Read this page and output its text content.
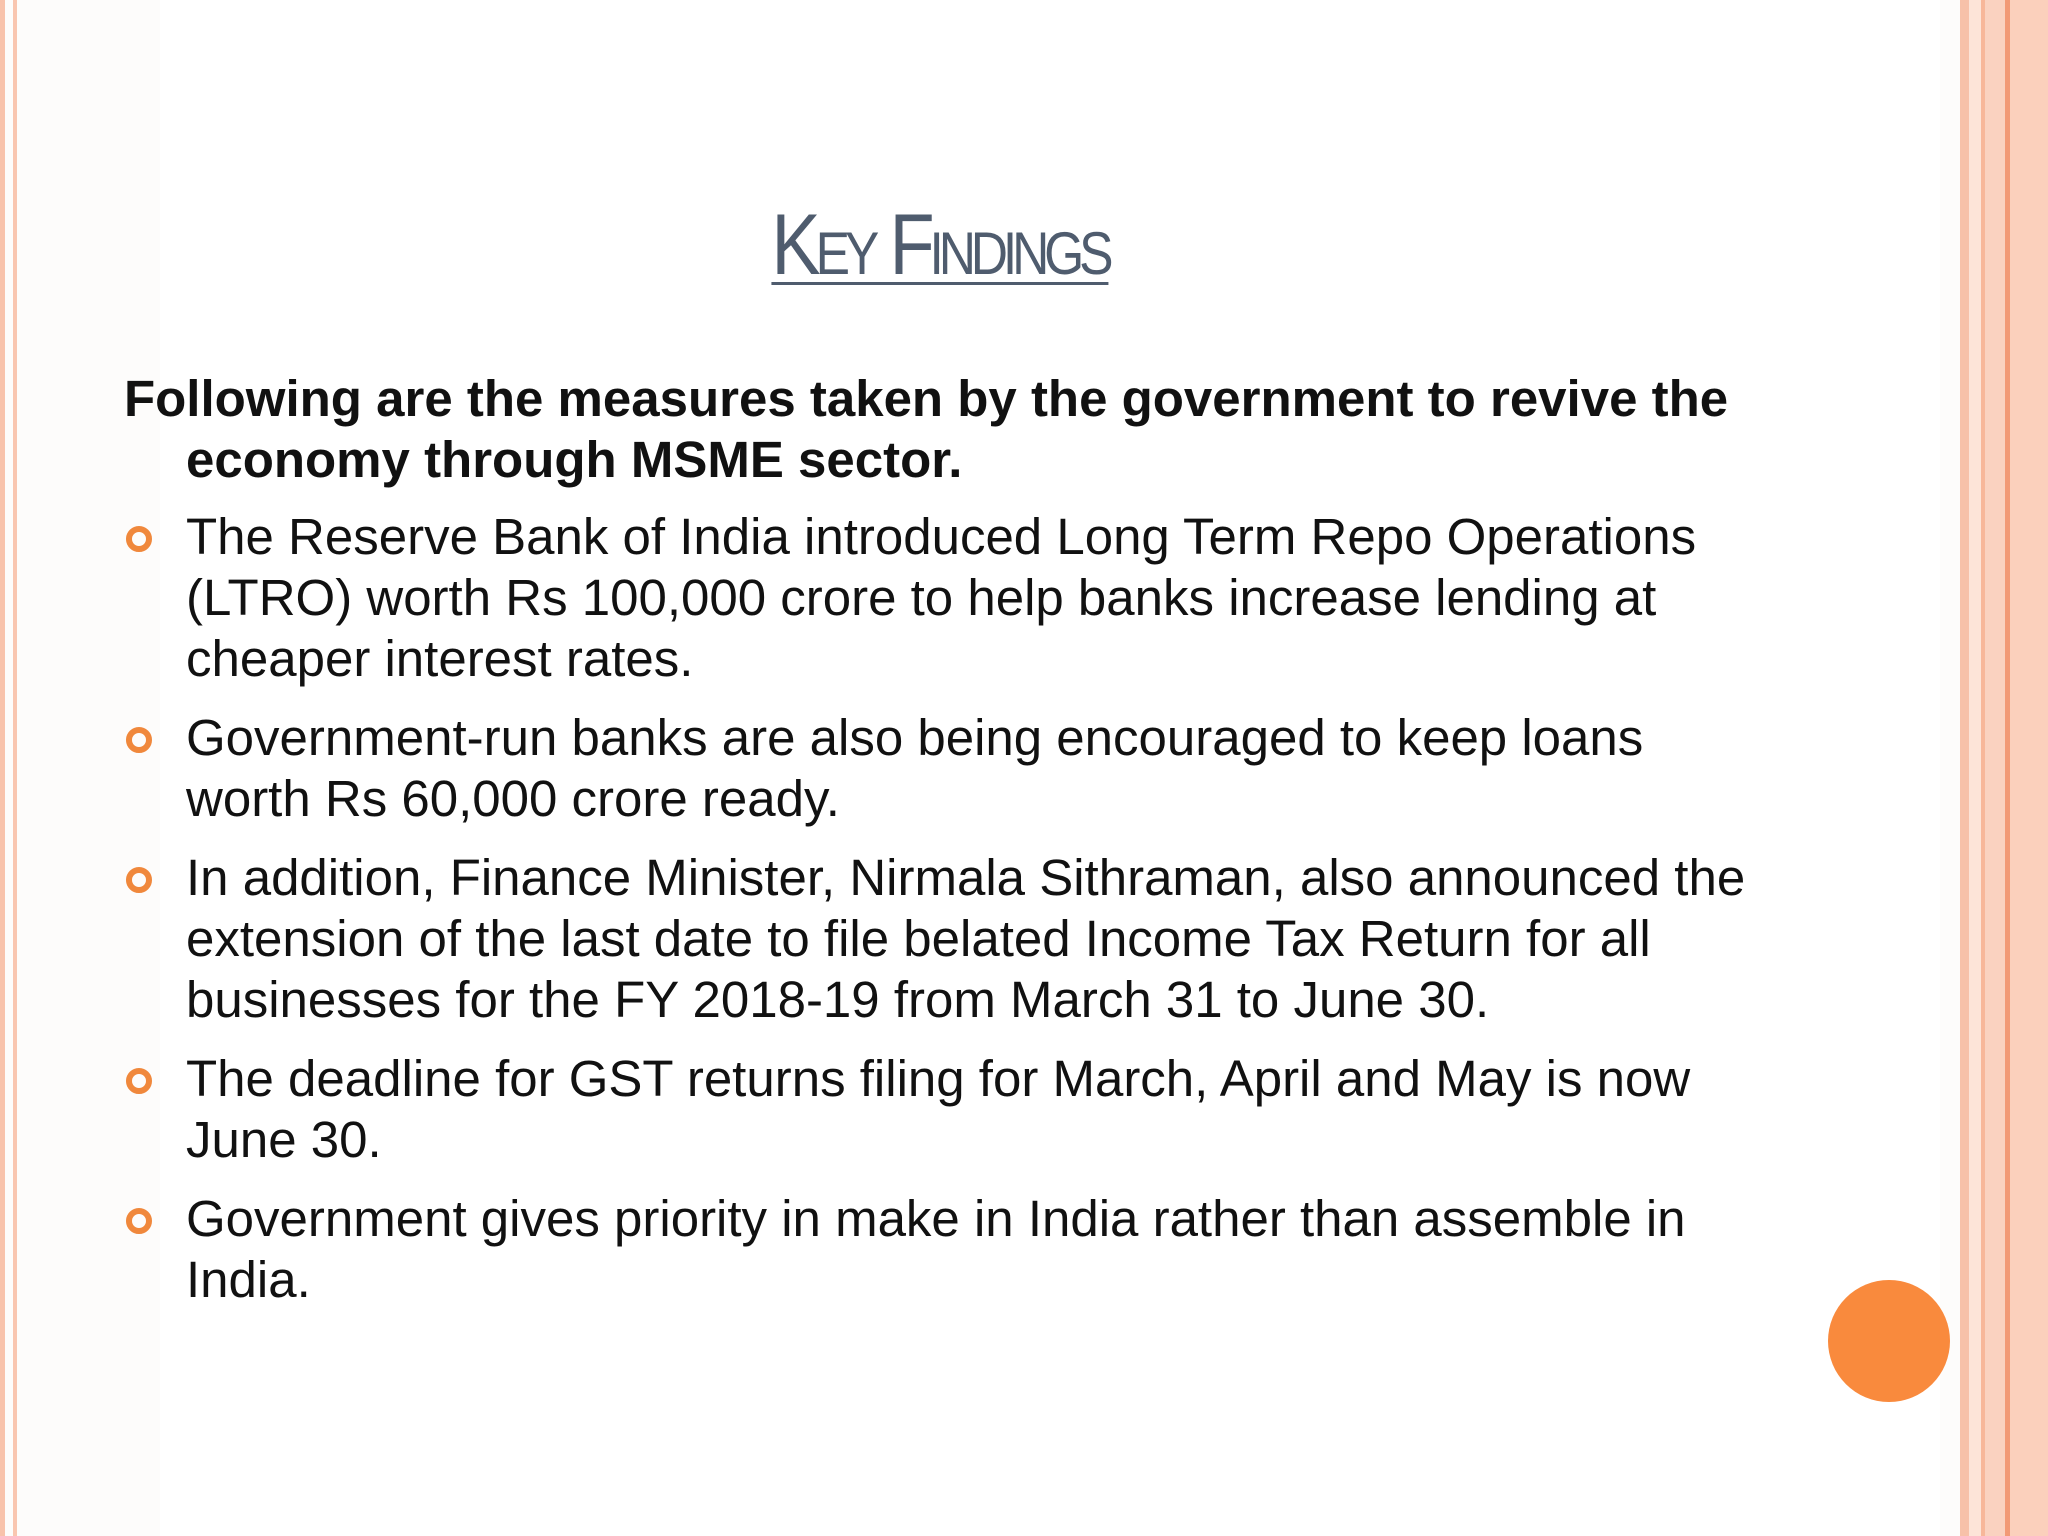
Key Findings

Following are the measures taken by the government to revive the economy through MSME sector.

The Reserve Bank of India introduced Long Term Repo Operations (LTRO) worth Rs 100,000 crore to help banks increase lending at cheaper interest rates.
Government-run banks are also being encouraged to keep loans worth Rs 60,000 crore ready.
In addition, Finance Minister, Nirmala Sithraman, also announced the extension of the last date to file belated Income Tax Return for all businesses for the FY 2018-19 from March 31 to June 30.
The deadline for GST returns filing for March, April and May is now June 30.
Government gives priority in make in India rather than assemble in India.
